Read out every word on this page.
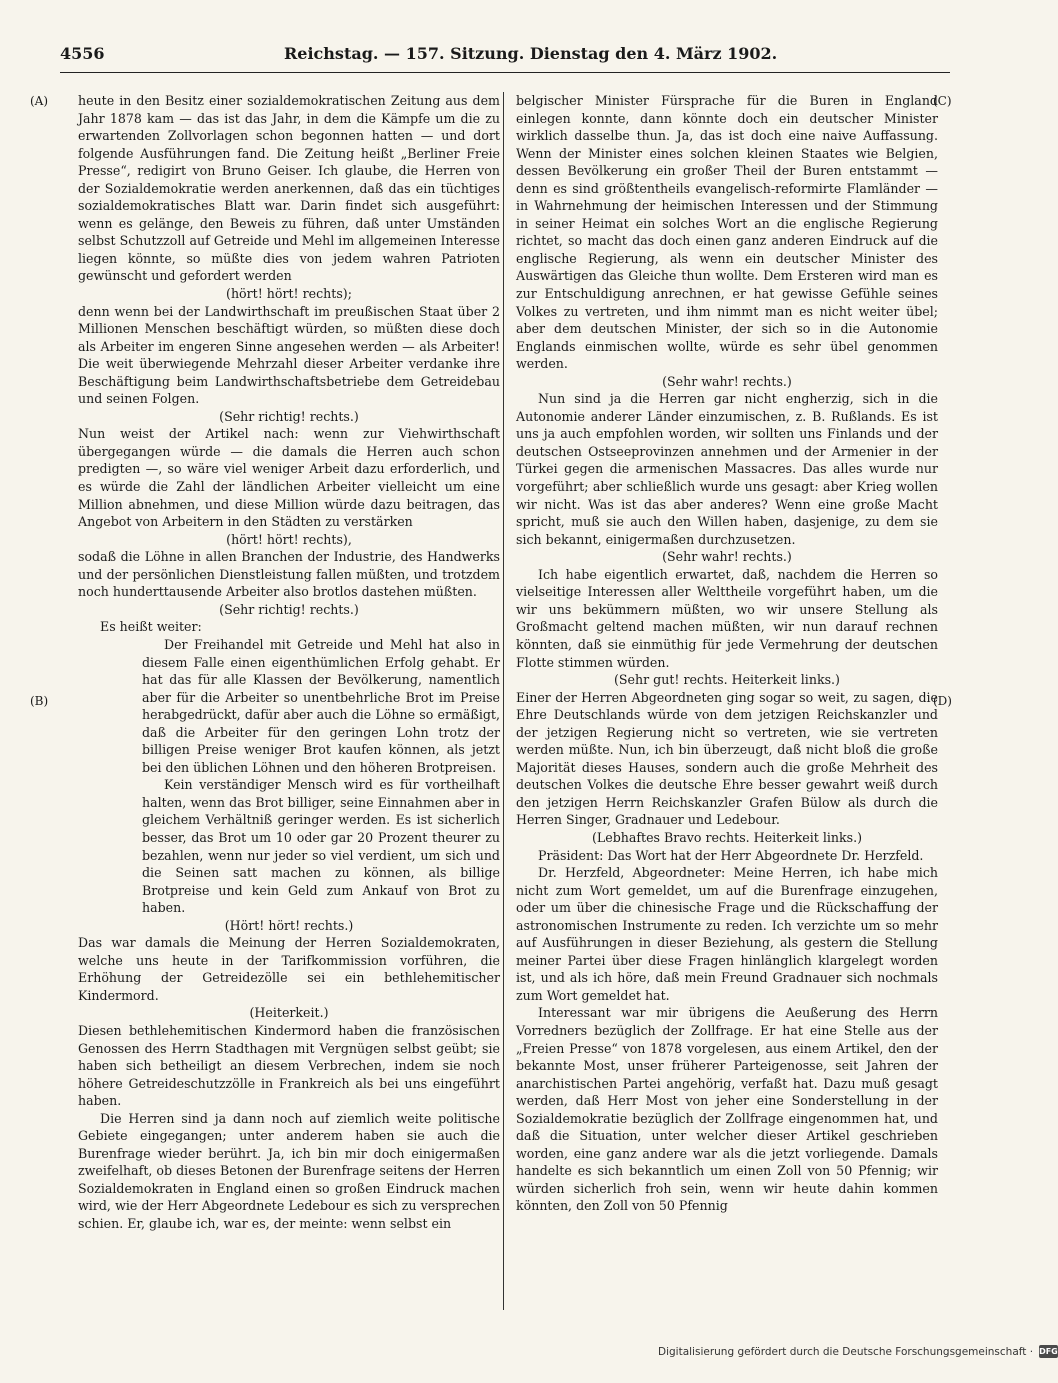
4556	Reichstag. — 157. Sitzung. Dienstag den 4. März 1902.
(A)
(B)
(C)
(D)

heute in den Besitz einer sozialdemokratischen Zeitung aus dem Jahr 1878 kam — das ist das Jahr, in dem die Kämpfe um die zu erwartenden Zollvorlagen schon begonnen hatten — und dort folgende Ausführungen fand. Die Zeitung heißt „Berliner Freie Presse“, redigirt von Bruno Geiser. Ich glaube, die Herren von der Sozialdemokratie werden anerkennen, daß das ein tüchtiges sozialdemokratisches Blatt war. Darin findet sich ausgeführt: wenn es gelänge, den Beweis zu führen, daß unter Umständen selbst Schutzzoll auf Getreide und Mehl im allgemeinen Interesse liegen könnte, so müßte dies von jedem wahren Patrioten gewünscht und gefordert werden

(hört! hört! rechts);

denn wenn bei der Landwirthschaft im preußischen Staat über 2 Millionen Menschen beschäftigt würden, so müßten diese doch als Arbeiter im engeren Sinne angesehen werden — als Arbeiter! Die weit überwiegende Mehrzahl dieser Arbeiter verdanke ihre Beschäftigung beim Landwirthschaftsbetriebe dem Getreidebau und seinen Folgen.

(Sehr richtig! rechts.)

Nun weist der Artikel nach: wenn zur Viehwirthschaft übergegangen würde — die damals die Herren auch schon predigten —, so wäre viel weniger Arbeit dazu erforderlich, und es würde die Zahl der ländlichen Arbeiter vielleicht um eine Million abnehmen, und diese Million würde dazu beitragen, das Angebot von Arbeitern in den Städten zu verstärken

(hört! hört! rechts),

sodaß die Löhne in allen Branchen der Industrie, des Handwerks und der persönlichen Dienstleistung fallen müßten, und trotzdem noch hunderttausende Arbeiter also brotlos dastehen müßten.

(Sehr richtig! rechts.)

Es heißt weiter:

Der Freihandel mit Getreide und Mehl hat also in diesem Falle einen eigenthümlichen Erfolg gehabt. Er hat das für alle Klassen der Bevölkerung, namentlich aber für die Arbeiter so unentbehrliche Brot im Preise herabgedrückt, dafür aber auch die Löhne so ermäßigt, daß die Arbeiter für den geringen Lohn trotz der billigen Preise weniger Brot kaufen können, als jetzt bei den üblichen Löhnen und den höheren Brotpreisen.

Kein verständiger Mensch wird es für vortheilhaft halten, wenn das Brot billiger, seine Einnahmen aber in gleichem Verhältniß geringer werden. Es ist sicherlich besser, das Brot um 10 oder gar 20 Prozent theurer zu bezahlen, wenn nur jeder so viel verdient, um sich und die Seinen satt machen zu können, als billige Brotpreise und kein Geld zum Ankauf von Brot zu haben.

(Hört! hört! rechts.)

Das war damals die Meinung der Herren Sozialdemokraten, welche uns heute in der Tarifkommission vorführen, die Erhöhung der Getreidezölle sei ein bethlehemitischer Kindermord.

(Heiterkeit.)

Diesen bethlehemitischen Kindermord haben die französischen Genossen des Herrn Stadthagen mit Vergnügen selbst geübt; sie haben sich betheiligt an diesem Verbrechen, indem sie noch höhere Getreideschutzzölle in Frankreich als bei uns eingeführt haben.

Die Herren sind ja dann noch auf ziemlich weite politische Gebiete eingegangen; unter anderem haben sie auch die Burenfrage wieder berührt. Ja, ich bin mir doch einigermaßen zweifelhaft, ob dieses Betonen der Burenfrage seitens der Herren Sozialdemokraten in England einen so großen Eindruck machen wird, wie der Herr Abgeordnete Ledebour es sich zu versprechen schien. Er, glaube ich, war es, der meinte: wenn selbst ein

belgischer Minister Fürsprache für die Buren in England einlegen konnte, dann könnte doch ein deutscher Minister wirklich dasselbe thun. Ja, das ist doch eine naive Auffassung. Wenn der Minister eines solchen kleinen Staates wie Belgien, dessen Bevölkerung ein großer Theil der Buren entstammt — denn es sind größtentheils evangelisch-reformirte Flamländer — in Wahrnehmung der heimischen Interessen und der Stimmung in seiner Heimat ein solches Wort an die englische Regierung richtet, so macht das doch einen ganz anderen Eindruck auf die englische Regierung, als wenn ein deutscher Minister des Auswärtigen das Gleiche thun wollte. Dem Ersteren wird man es zur Entschuldigung anrechnen, er hat gewisse Gefühle seines Volkes zu vertreten, und ihm nimmt man es nicht weiter übel; aber dem deutschen Minister, der sich so in die Autonomie Englands einmischen wollte, würde es sehr übel genommen werden.

(Sehr wahr! rechts.)

Nun sind ja die Herren gar nicht engherzig, sich in die Autonomie anderer Länder einzumischen, z. B. Rußlands. Es ist uns ja auch empfohlen worden, wir sollten uns Finlands und der deutschen Ostseeprovinzen annehmen und der Armenier in der Türkei gegen die armenischen Massacres. Das alles wurde nur vorgeführt; aber schließlich wurde uns gesagt: aber Krieg wollen wir nicht. Was ist das aber anderes? Wenn eine große Macht spricht, muß sie auch den Willen haben, dasjenige, zu dem sie sich bekannt, einigermaßen durchzusetzen.

(Sehr wahr! rechts.)

Ich habe eigentlich erwartet, daß, nachdem die Herren so vielseitige Interessen aller Welttheile vorgeführt haben, um die wir uns bekümmern müßten, wo wir unsere Stellung als Großmacht geltend machen müßten, wir nun darauf rechnen könnten, daß sie einmüthig für jede Vermehrung der deutschen Flotte stimmen würden.

(Sehr gut! rechts. Heiterkeit links.)

Einer der Herren Abgeordneten ging sogar so weit, zu sagen, die Ehre Deutschlands würde von dem jetzigen Reichskanzler und der jetzigen Regierung nicht so vertreten, wie sie vertreten werden müßte. Nun, ich bin überzeugt, daß nicht bloß die große Majorität dieses Hauses, sondern auch die große Mehrheit des deutschen Volkes die deutsche Ehre besser gewahrt weiß durch den jetzigen Herrn Reichskanzler Grafen Bülow als durch die Herren Singer, Gradnauer und Ledebour.

(Lebhaftes Bravo rechts. Heiterkeit links.)

Präsident: Das Wort hat der Herr Abgeordnete Dr. Herzfeld.

Dr. Herzfeld, Abgeordneter: Meine Herren, ich habe mich nicht zum Wort gemeldet, um auf die Burenfrage einzugehen, oder um über die chinesische Frage und die Rückschaffung der astronomischen Instrumente zu reden. Ich verzichte um so mehr auf Ausführungen in dieser Beziehung, als gestern die Stellung meiner Partei über diese Fragen hinlänglich klargelegt worden ist, und als ich höre, daß mein Freund Gradnauer sich nochmals zum Wort gemeldet hat.

Interessant war mir übrigens die Aeußerung des Herrn Vorredners bezüglich der Zollfrage. Er hat eine Stelle aus der „Freien Presse“ von 1878 vorgelesen, aus einem Artikel, den der bekannte Most, unser früherer Parteigenosse, seit Jahren der anarchistischen Partei angehörig, verfaßt hat. Dazu muß gesagt werden, daß Herr Most von jeher eine Sonderstellung in der Sozialdemokratie bezüglich der Zollfrage eingenommen hat, und daß die Situation, unter welcher dieser Artikel geschrieben worden, eine ganz andere war als die jetzt vorliegende. Damals handelte es sich bekanntlich um einen Zoll von 50 Pfennig; wir würden sicherlich froh sein, wenn wir heute dahin kommen könnten, den Zoll von 50 Pfennig

Digitalisierung gefördert durch die Deutsche Forschungsgemeinschaft · DFG
